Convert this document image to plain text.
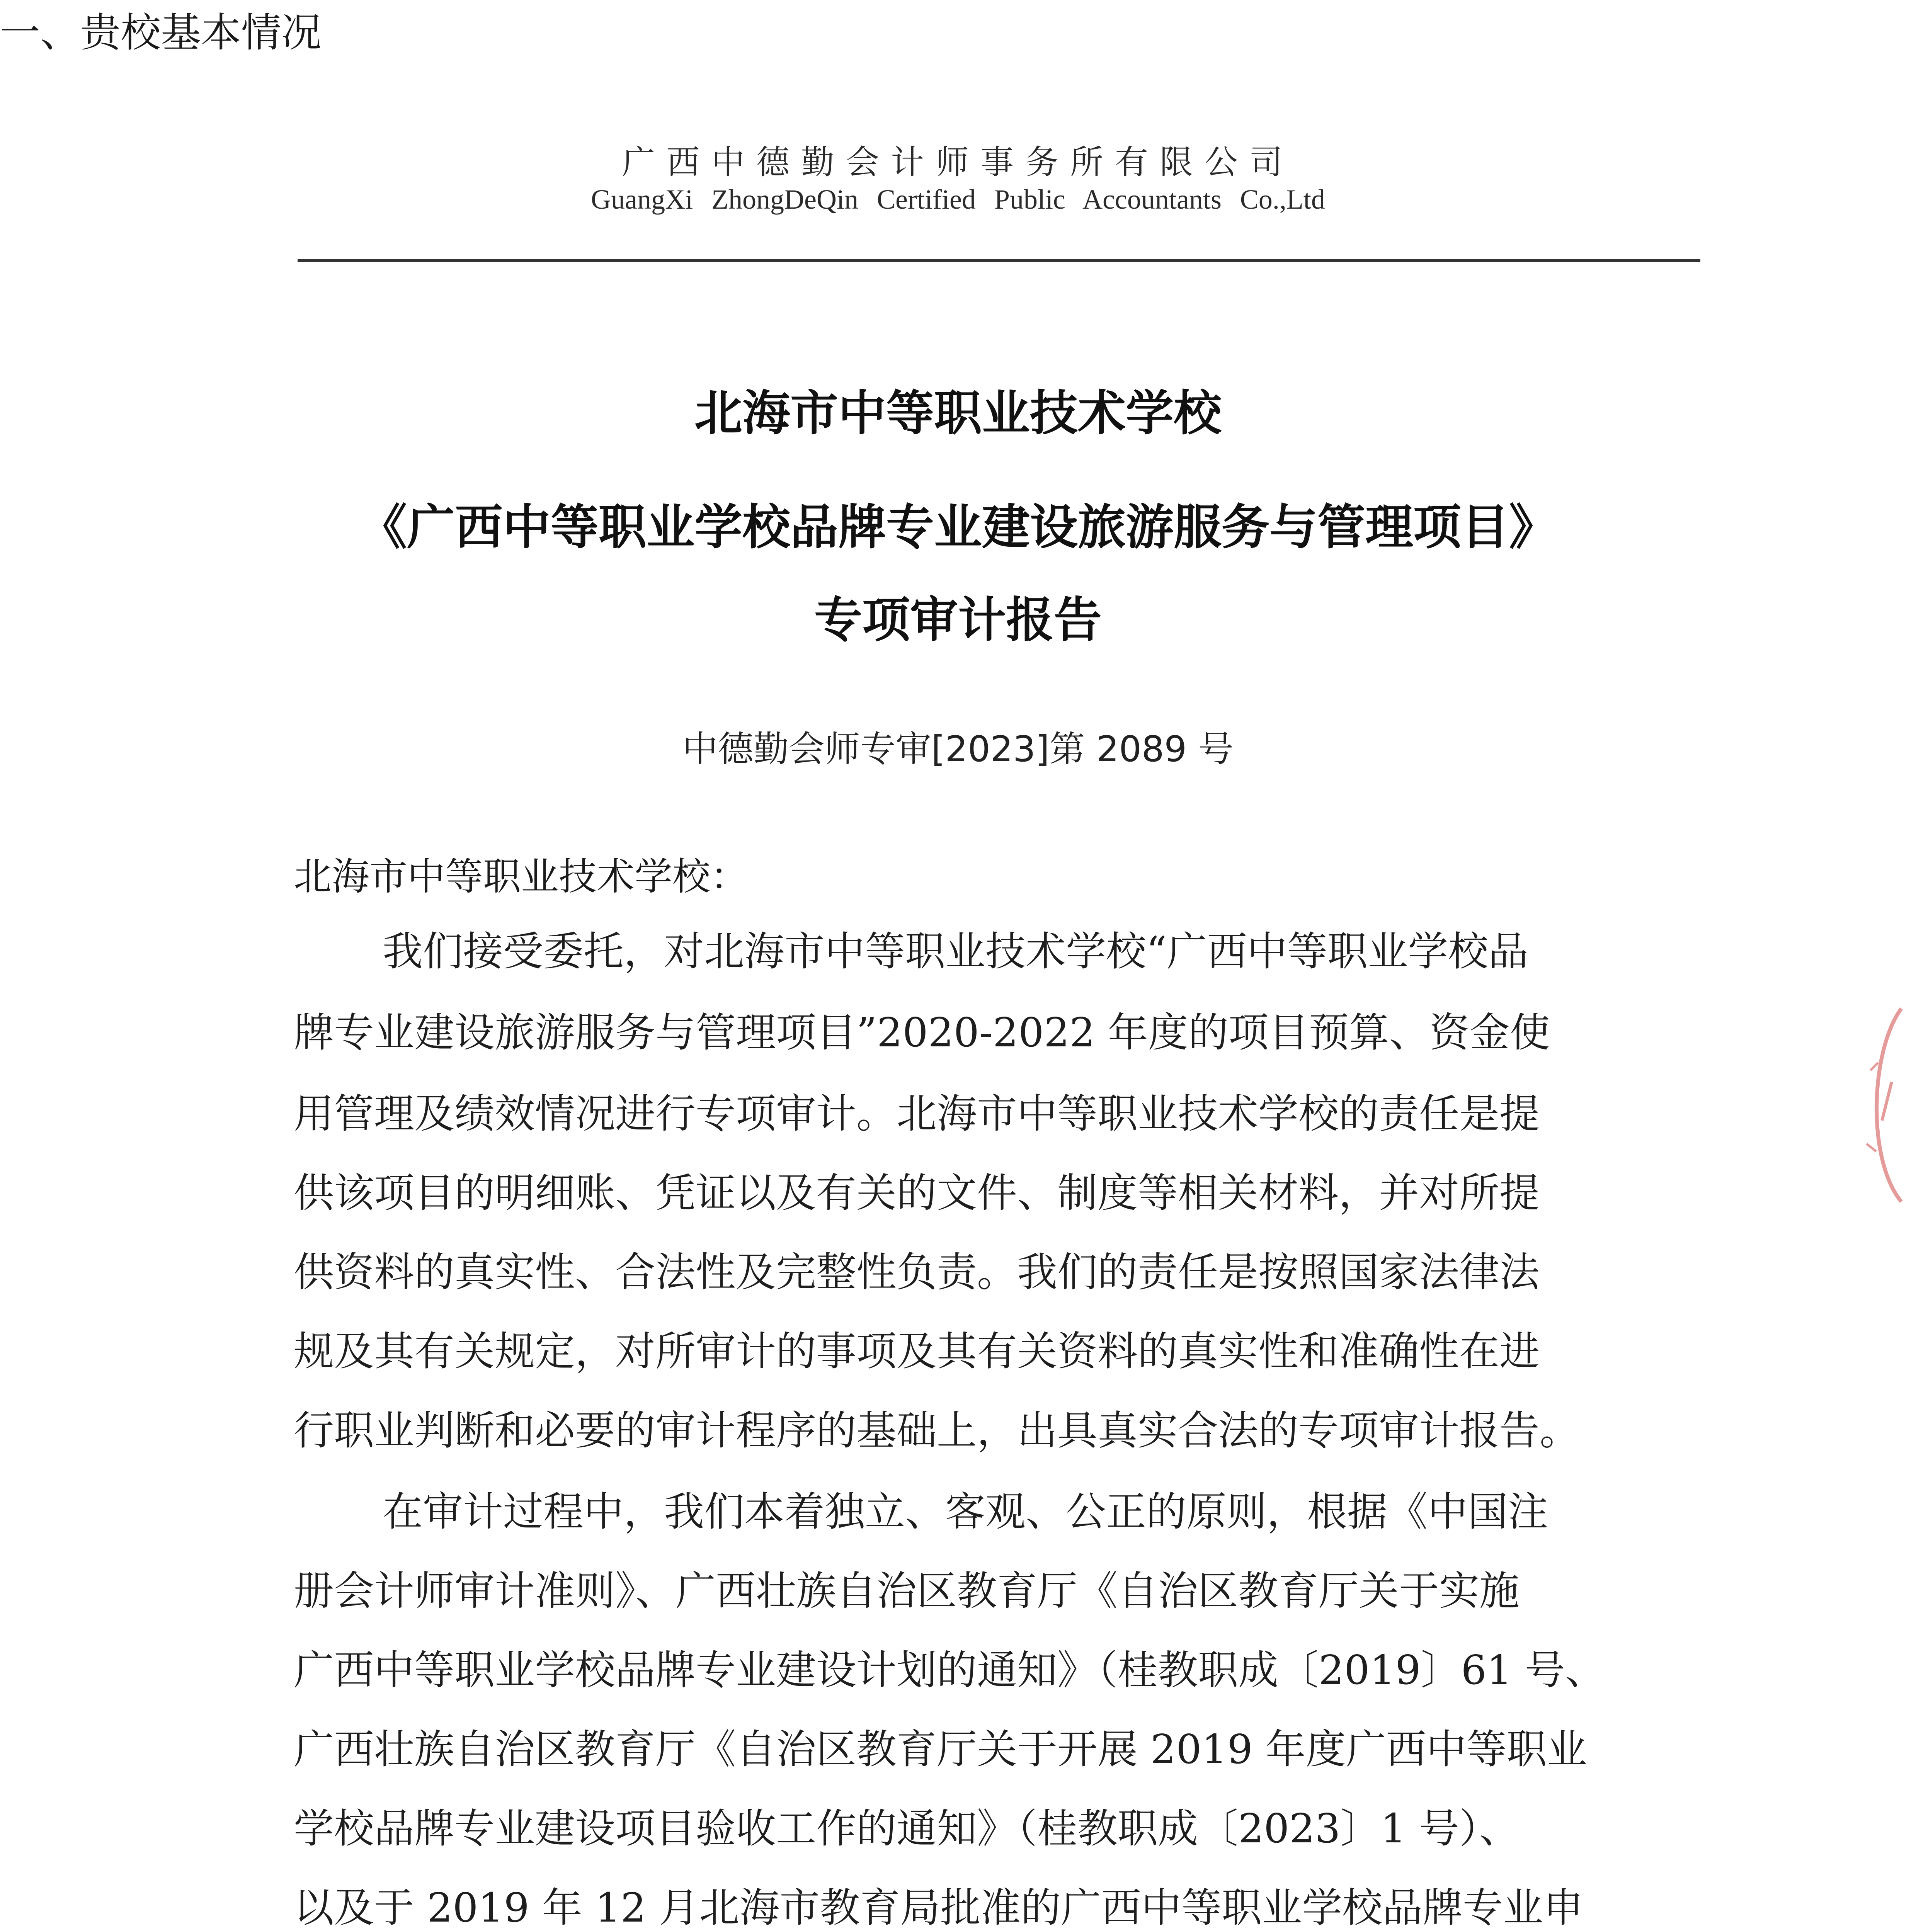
广西中德勤会计师事务所有限公司
GuangXi ZhongDeQin Certified Public Accountants Co.,Ltd
北海市中等职业技术学校
《广西中等职业学校品牌专业建设旅游服务与管理项目》
专项审计报告
中德勤会师专审[2023]第 2089 号
北海市中等职业技术学校：
我们接受委托，对北海市中等职业技术学校“广西中等职业学校品
牌专业建设旅游服务与管理项目”2020-2022 年度的项目预算、资金使
用管理及绩效情况进行专项审计。北海市中等职业技术学校的责任是提
供该项目的明细账、凭证以及有关的文件、制度等相关材料，并对所提
供资料的真实性、合法性及完整性负责。我们的责任是按照国家法律法
规及其有关规定，对所审计的事项及其有关资料的真实性和准确性在进
行职业判断和必要的审计程序的基础上，出具真实合法的专项审计报告。
在审计过程中，我们本着独立、客观、公正的原则，根据《中国注
册会计师审计准则》、广西壮族自治区教育厅《自治区教育厅关于实施
广西中等职业学校品牌专业建设计划的通知》（桂教职成〔2019〕61 号、
广西壮族自治区教育厅《自治区教育厅关于开展 2019 年度广西中等职业
学校品牌专业建设项目验收工作的通知》（桂教职成〔2023〕1 号）、
以及于 2019 年 12 月北海市教育局批准的广西中等职业学校品牌专业申
一、贵校基本情况
